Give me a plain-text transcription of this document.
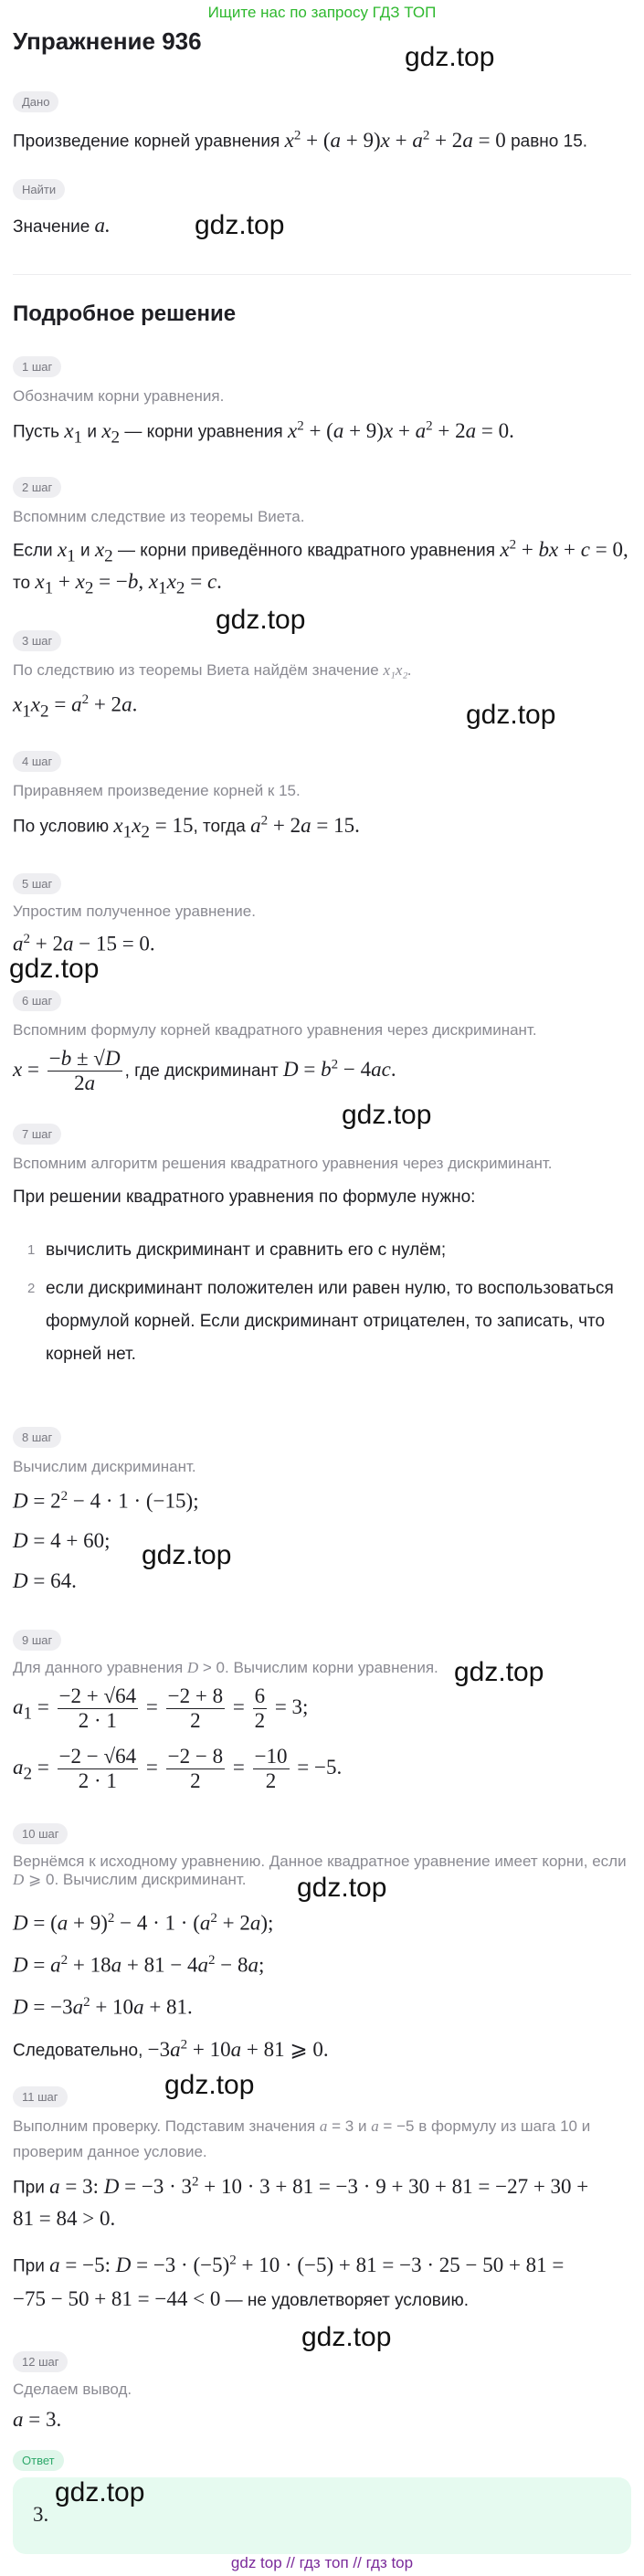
Ищите нас по запросу ГДЗ ТОП
Упражнение 936
gdz.top
gdz.top
gdz.top
gdz.top
gdz.top
gdz.top
gdz.top
gdz.top
gdz.top
gdz.top
gdz.top
gdz.top
Дано
Произведение корней уравнения $x^2 + (a + 9)x + a^2 + 2a = 0$ равно 15.
Найти
Значение a.
Подробное решение
1 шаг
Обозначим корни уравнения.
Пусть $x_1$ и $x_2$ — корни уравнения $x^2 + (a + 9)x + a^2 + 2a = 0$.
2 шаг
Вспомним следствие из теоремы Виета.
Если $x_1$ и $x_2$ — корни приведённого квадратного уравнения $x^2$ + bx + c = 0,
то $x_1 + x_2 = -b$, $x_1x_2 = c$.
3 шаг
По следствию из теоремы Виета найдём значение x₁x₂.
$x_1x_2 = a^2 + 2a$.
4 шаг
Приравняем произведение корней к 15.
По условию $x_1x_2 = 15$, тогда $a^2 + 2a = 15$.
5 шаг
Упростим полученное уравнение.
$a^2 + 2a - 15 = 0$.
6 шаг
Вспомним формулу корней квадратного уравнения через дискриминант.
$x = \frac{-b \pm √D}{2a}$ , где дискриминант $D = b^2 - 4ac$.
7 шаг
Вспомним алгоритм решения квадратного уравнения через дискриминант.
При решении квадратного уравнения по формуле нужно:
1 вычислить дискриминант и сравнить его с нулём;
2 если дискриминант положителен или равен нулю, то воспользоваться
формулой корней. Если дискриминант отрицателен, то записать, что
корней нет.
8 шаг
Вычислим дискриминант.
$D = 2^2 - 4 \cdot 1 \cdot (-15)$;
D = 4 + 60;
D = 64.
9 шаг
Для данного уравнения D > 0. Вычислим корни уравнения.
$a_1 = \frac{-2 + √64}{2 \cdot 1} = \frac{-2 + 8}{2} = \frac{6}{2} = 3$;
$a_2 = \frac{-2 - √64}{2 \cdot 1} = \frac{-2 - 8}{2} = \frac{-10}{2} = -5$.
10 шаг
Вернёмся к исходному уравнению. Данное квадратное уравнение имеет корни, если D ⩾ 0. Вычислим дискриминант.
$D = (a + 9)^2 - 4 \cdot 1 \cdot (a^2 + 2a)$;
$D = a^2 + 18a + 81 - 4a^2 - 8a$;
$D = -3a^2 + 10a + 81$.
Следовательно, $-3a^2 + 10a + 81$ ⩾ 0.
11 шаг
Выполним проверку. Подставим значения a = 3 и a = −5 в формулу из шага 10 и
проверим данное условие.
При a = 3: $D = -3 \cdot 3^2 + 10 \cdot 3 + 81 = -3 \cdot 9 + 30 + 81 = -27 + 30$ +
81 = 84 > 0.
При a = −5: $D = -3 \cdot (-5)^2 + 10 \cdot (-5) + 81 = -3 \cdot 25 - 50 + 81$ =
−75 − 50 + 81 = −44 < 0 — не удовлетворяет условию.
12 шаг
Сделаем вывод.
a = 3.
Ответ
3.
gdz top // гдз топ // гдз top
